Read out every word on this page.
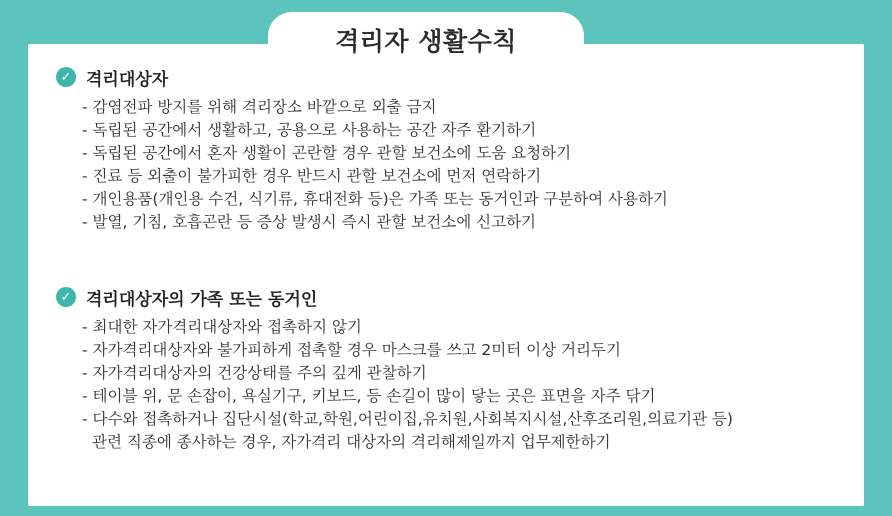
격리자 생활수칙
✓ 격리대상자
- 감염전파 방지를 위해 격리장소 바깥으로 외출 금지
- 독립된 공간에서 생활하고, 공용으로 사용하는 공간 자주 환기하기
- 독립된 공간에서 혼자 생활이 곤란할 경우 관할 보건소에 도움 요청하기
- 진료 등 외출이 불가피한 경우 반드시 관할 보건소에 먼저 연락하기
- 개인용품(개인용 수건, 식기류, 휴대전화 등)은 가족 또는 동거인과 구분하여 사용하기
- 발열, 기침, 호흡곤란 등 증상 발생시 즉시 관할 보건소에 신고하기
✓ 격리대상자의 가족 또는 동거인
- 최대한 자가격리대상자와 접촉하지 않기
- 자가격리대상자와 불가피하게 접촉할 경우 마스크를 쓰고 2미터 이상 거리두기
- 자가격리대상자의 건강상태를 주의 깊게 관찰하기
- 테이블 위, 문 손잡이, 욕실기구, 키보드, 등 손길이 많이 닿는 곳은 표면을 자주 닦기
- 다수와 접촉하거나 집단시설(학교,학원,어린이집,유치원,사회복지시설,산후조리원,의료기관 등)
관련 직종에 종사하는 경우, 자가격리 대상자의 격리해제일까지 업무제한하기
